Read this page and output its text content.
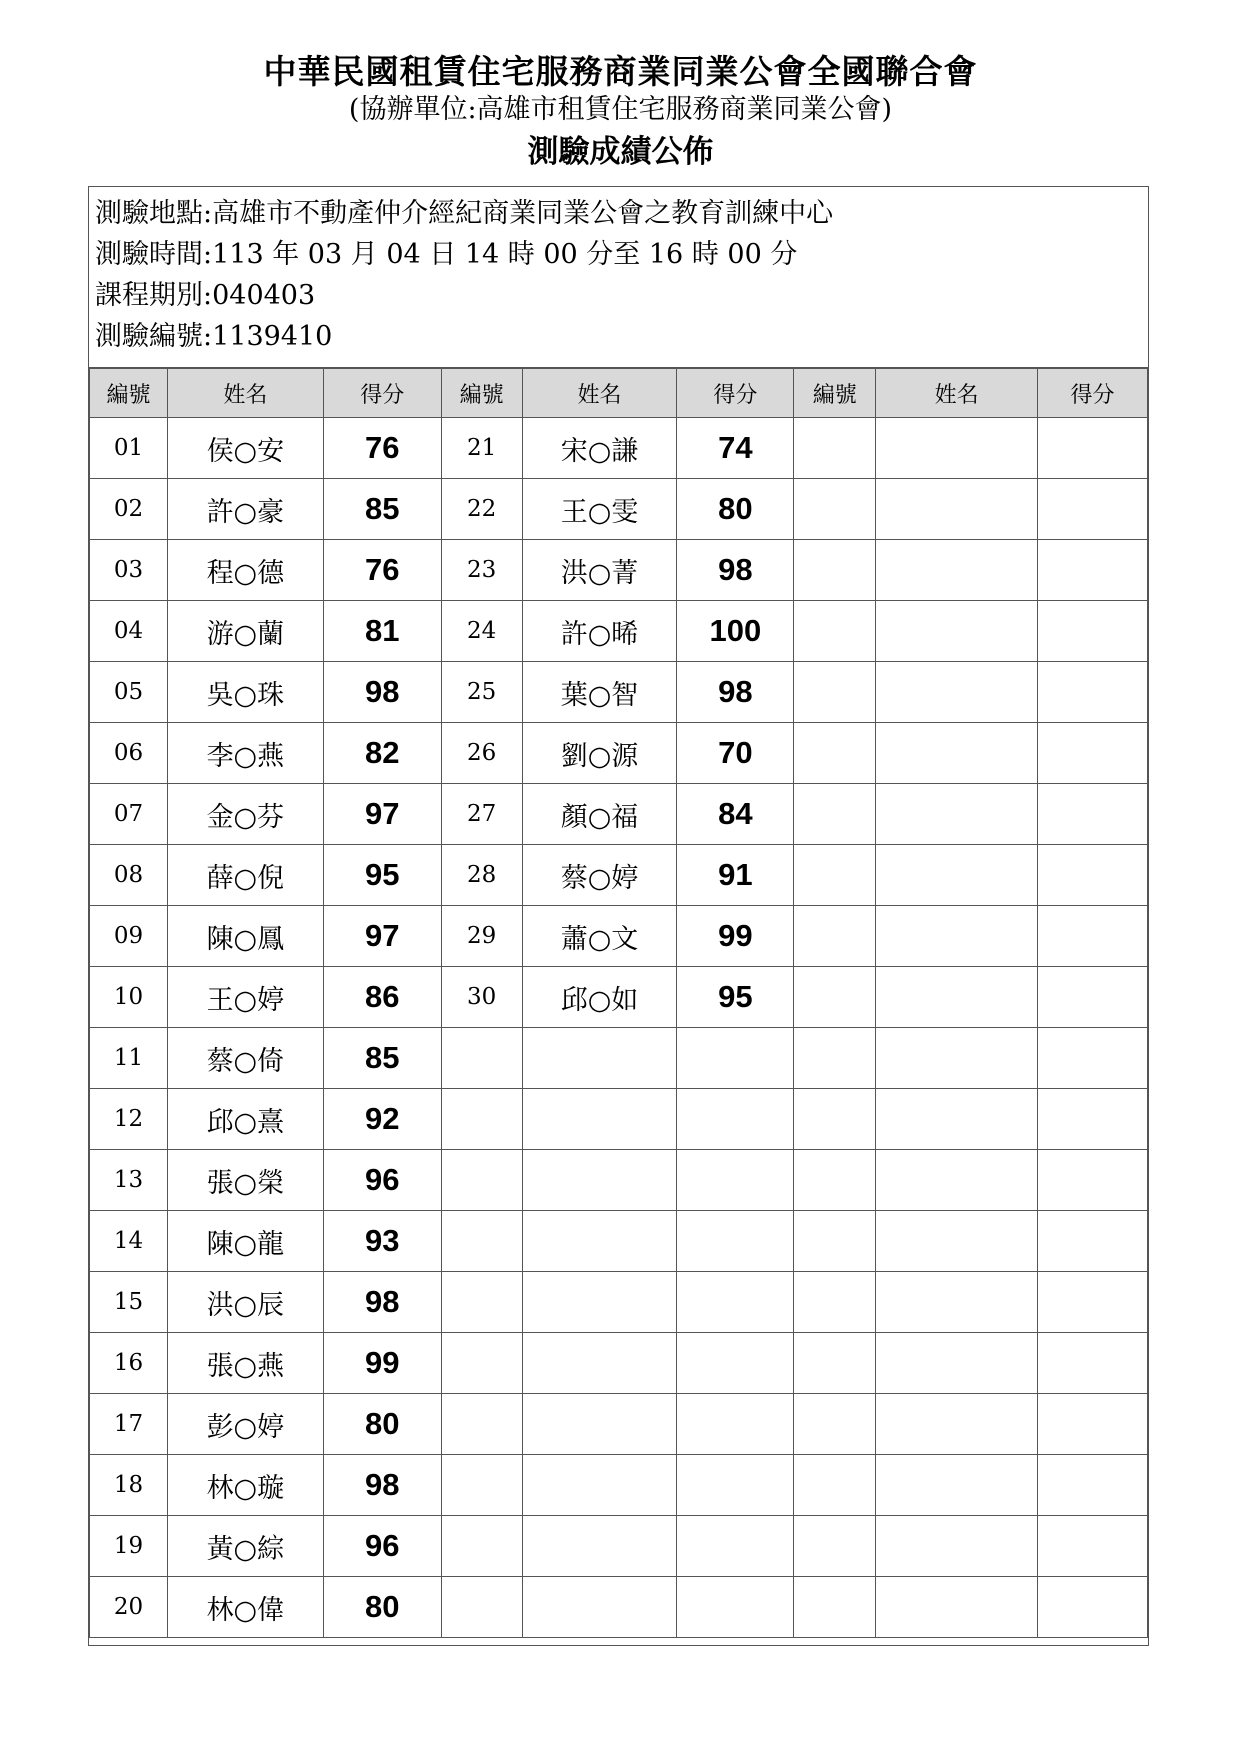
中華民國租賃住宅服務商業同業公會全國聯合會
(協辦單位:高雄市租賃住宅服務商業同業公會)
測驗成績公佈
測驗地點:高雄市不動產仲介經紀商業同業公會之教育訓練中心
測驗時間:113 年 03 月 04 日 14 時 00 分至 16 時 00 分
課程期別:040403
測驗編號:1139410
編號	姓名	得分	編號	姓名	得分	編號	姓名	得分
01	侯○安	76	21	宋○謙	74			
02	許○豪	85	22	王○雯	80			
03	程○德	76	23	洪○菁	98			
04	游○蘭	81	24	許○晞	100			
05	吳○珠	98	25	葉○智	98			
06	李○燕	82	26	劉○源	70			
07	金○芬	97	27	顏○福	84			
08	薛○倪	95	28	蔡○婷	91			
09	陳○鳳	97	29	蕭○文	99			
10	王○婷	86	30	邱○如	95			
11	蔡○倚	85						
12	邱○熹	92						
13	張○榮	96						
14	陳○龍	93						
15	洪○辰	98						
16	張○燕	99						
17	彭○婷	80						
18	林○璇	98						
19	黃○綜	96						
20	林○偉	80						
